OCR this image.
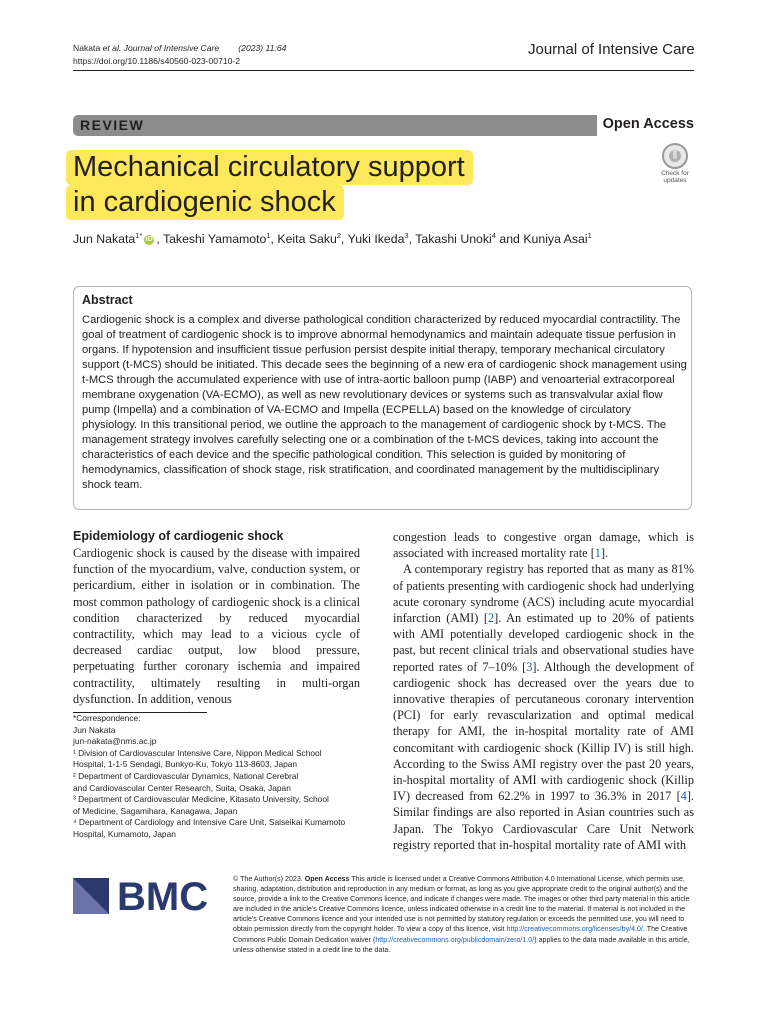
Nakata et al. Journal of Intensive Care (2023) 11:64
https://doi.org/10.1186/s40560-023-00710-2
Journal of Intensive Care
REVIEW	Open Access
Mechanical circulatory support
in cardiogenic shock
Check for
updates
Jun Nakata$^{1*}$ iD , Takeshi Yamamoto$^1$, Keita Saku$^2$, Yuki Ikeda$^3$, Takashi Unoki$^4$ and Kuniya Asai$^1$
Abstract
Cardiogenic shock is a complex and diverse pathological condition characterized by reduced myocardial contractility. The goal of treatment of cardiogenic shock is to improve abnormal hemodynamics and maintain adequate tissue perfusion in organs. If hypotension and insufficient tissue perfusion persist despite initial therapy, temporary mechanical circulatory support (t-MCS) should be initiated. This decade sees the beginning of a new era of cardiogenic shock management using t-MCS through the accumulated experience with use of intra-aortic balloon pump (IABP) and venoarterial extracorporeal membrane oxygenation (VA-ECMO), as well as new revolutionary devices or systems such as transvalvular axial flow pump (Impella) and a combination of VA-ECMO and Impella (ECPELLA) based on the knowledge of circulatory physiology. In this transitional period, we outline the approach to the management of cardiogenic shock by t-MCS. The management strategy involves carefully selecting one or a combination of the t-MCS devices, taking into account the characteristics of each device and the specific pathological condition. This selection is guided by monitoring of hemodynamics, classification of shock stage, risk stratification, and coordinated management by the multidisciplinary shock team.
Epidemiology of cardiogenic shock
Cardiogenic shock is caused by the disease with impaired function of the myocardium, valve, conduction system, or pericardium, either in isolation or in combination. The most common pathology of cardiogenic shock is a clinical condition characterized by reduced myocardial contractility, which may lead to a vicious cycle of decreased cardiac output, low blood pressure, perpetuating further coronary ischemia and impaired contractility, ultimately resulting in multi-organ dysfunction. In addition, venous

congestion leads to congestive organ damage, which is associated with increased mortality rate [1].

A contemporary registry has reported that as many as 81% of patients presenting with cardiogenic shock had underlying acute coronary syndrome (ACS) including acute myocardial infarction (AMI) [2]. An estimated up to 20% of patients with AMI potentially developed cardiogenic shock in the past, but recent clinical trials and observational studies have reported rates of 7–10% [3]. Although the development of cardiogenic shock has decreased over the years due to innovative therapies of percutaneous coronary intervention (PCI) for early revascularization and optimal medical therapy for AMI, the in-hospital mortality rate of AMI concomitant with cardiogenic shock (Killip IV) is still high. According to the Swiss AMI registry over the past 20 years, in-hospital mortality of AMI with cardiogenic shock (Killip IV) decreased from 62.2% in 1997 to 36.3% in 2017 [4]. Similar findings are also reported in Asian countries such as Japan. The Tokyo Cardiovascular Care Unit Network registry reported that in-hospital mortality rate of AMI with

*Correspondence:
Jun Nakata
jun-nakata@nms.ac.jp
¹ Division of Cardiovascular Intensive Care, Nippon Medical School
Hospital, 1-1-5 Sendagi, Bunkyo-Ku, Tokyo 113-8603, Japan
² Department of Cardiovascular Dynamics, National Cerebral
and Cardiovascular Center Research, Suita, Osaka, Japan
³ Department of Cardiovascular Medicine, Kitasato University, School
of Medicine, Sagamihara, Kanagawa, Japan
⁴ Department of Cardiology and Intensive Care Unit, Saiseikai Kumamoto
Hospital, Kumamoto, Japan
BMC	© The Author(s) 2023. Open Access This article is licensed under a Creative Commons Attribution 4.0 International License, which permits use, sharing, adaptation, distribution and reproduction in any medium or format, as long as you give appropriate credit to the original author(s) and the source, provide a link to the Creative Commons licence, and indicate if changes were made. The images or other third party material in this article are included in the article's Creative Commons licence, unless indicated otherwise in a credit line to the material. If material is not included in the article's Creative Commons licence and your intended use is not permitted by statutory regulation or exceeds the permitted use, you will need to obtain permission directly from the copyright holder. To view a copy of this licence, visit http://creativecommons.org/licenses/by/4.0/. The Creative Commons Public Domain Dedication waiver (http://creativecommons.org/publicdomain/zero/1.0/) applies to the data made available in this article, unless otherwise stated in a credit line to the data.
